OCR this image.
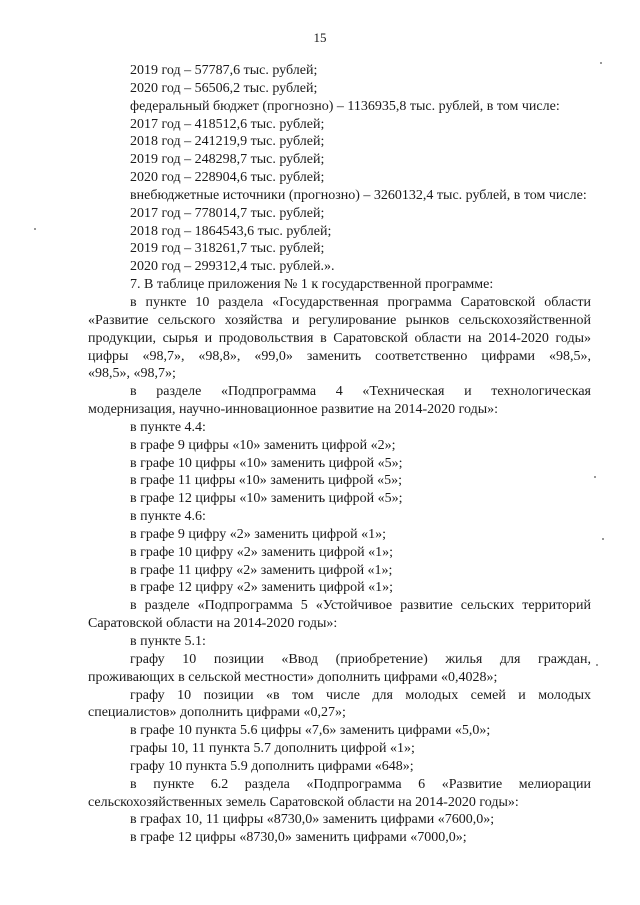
15

2019 год – 57787,6 тыс. рублей;

2020 год – 56506,2 тыс. рублей;

федеральный бюджет (прогнозно) – 1136935,8 тыс. рублей, в том числе:

2017 год – 418512,6 тыс. рублей;

2018 год – 241219,9 тыс. рублей;

2019 год – 248298,7 тыс. рублей;

2020 год – 228904,6 тыс. рублей;

внебюджетные источники (прогнозно) – 3260132,4 тыс. рублей, в том числе:

2017 год – 778014,7 тыс. рублей;

2018 год – 1864543,6 тыс. рублей;

2019 год – 318261,7 тыс. рублей;

2020 год – 299312,4 тыс. рублей.».

7. В таблице приложения № 1 к государственной программе:

в пункте 10 раздела «Государственная программа Саратовской области

«Развитие сельского хозяйства и регулирование рынков сельскохозяйственной

продукции, сырья и продовольствия в Саратовской области на 2014-2020 годы»

цифры «98,7», «98,8», «99,0» заменить соответственно цифрами «98,5»,

«98,5», «98,7»;

в разделе «Подпрограмма 4 «Техническая и технологическая

модернизация, научно-инновационное развитие на 2014-2020 годы»:

в пункте 4.4:

в графе 9 цифры «10» заменить цифрой «2»;

в графе 10 цифры «10» заменить цифрой «5»;

в графе 11 цифры «10» заменить цифрой «5»;

в графе 12 цифры «10» заменить цифрой «5»;

в пункте 4.6:

в графе 9 цифру «2» заменить цифрой «1»;

в графе 10 цифру «2» заменить цифрой «1»;

в графе 11 цифру «2» заменить цифрой «1»;

в графе 12 цифру «2» заменить цифрой «1»;

в разделе «Подпрограмма 5 «Устойчивое развитие сельских территорий

Саратовской области на 2014-2020 годы»:

в пункте 5.1:

графу 10 позиции «Ввод (приобретение) жилья для граждан,

проживающих в сельской местности» дополнить цифрами «0,4028»;

графу 10 позиции «в том числе для молодых семей и молодых

специалистов» дополнить цифрами «0,27»;

в графе 10 пункта 5.6 цифры «7,6» заменить цифрами «5,0»;

графы 10, 11 пункта 5.7 дополнить цифрой «1»;

графу 10 пункта 5.9 дополнить цифрами «648»;

в пункте 6.2 раздела «Подпрограмма 6 «Развитие мелиорации

сельскохозяйственных земель Саратовской области на 2014-2020 годы»:

в графах 10, 11 цифры «8730,0» заменить цифрами «7600,0»;

в графе 12 цифры «8730,0» заменить цифрами «7000,0»;
